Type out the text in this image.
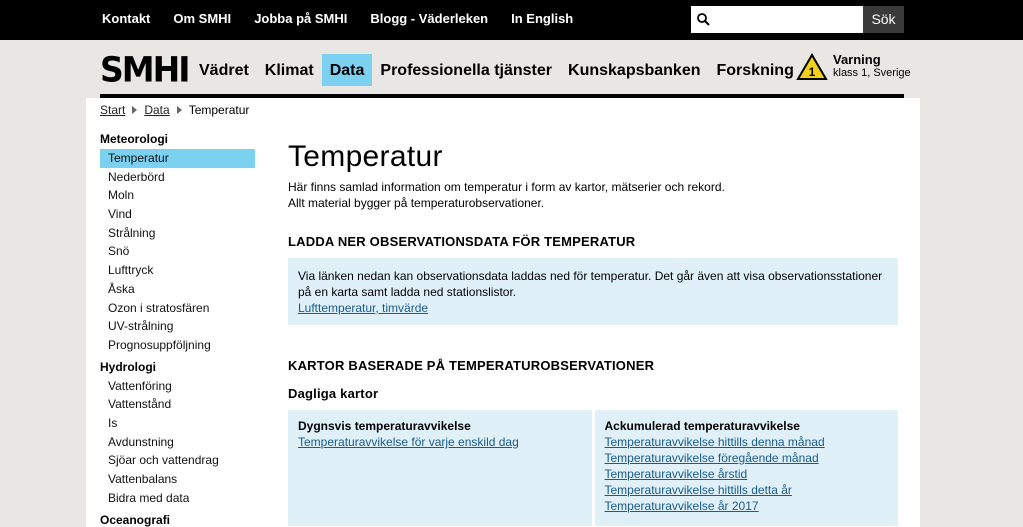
Kontakt Om SMHI Jobba på SMHI Blogg - Väderleken In English	Sök
SMHI Vädret	Klimat	Data	Professionella tjänster	Kunskapsbanken	Forskning	1
Varning
klass 1, Sverige
Start Data Temperatur
Meteorologi
Temperatur
Nederbörd
Moln
Vind
Strålning
Snö
Lufttryck
Åska
Ozon i stratosfären
UV-strålning
Prognosuppföljning
Hydrologi
Vattenföring
Vattenstånd
Is
Avdunstning
Sjöar och vattendrag
Vattenbalans
Bidra med data
Oceanografi
Temperatur
Här finns samlad information om temperatur i form av kartor, mätserier och rekord.
Allt material bygger på temperaturobservationer.
LADDA NER OBSERVATIONSDATA FÖR TEMPERATUR
Via länken nedan kan observationsdata laddas ned för temperatur. Det går även att visa observationsstationer på en karta samt ladda ned stationslistor.
Lufttemperatur, timvärde
KARTOR BASERADE PÅ TEMPERATUROBSERVATIONER
Dagliga kartor
Dygnsvis temperaturavvikelse
Temperaturavvikelse för varje enskild dag
Ackumulerad temperaturavvikelse
Temperaturavvikelse hittills denna månad
Temperaturavvikelse föregående månad
Temperaturavvikelse årstid
Temperaturavvikelse hittills detta år
Temperaturavvikelse år 2017
